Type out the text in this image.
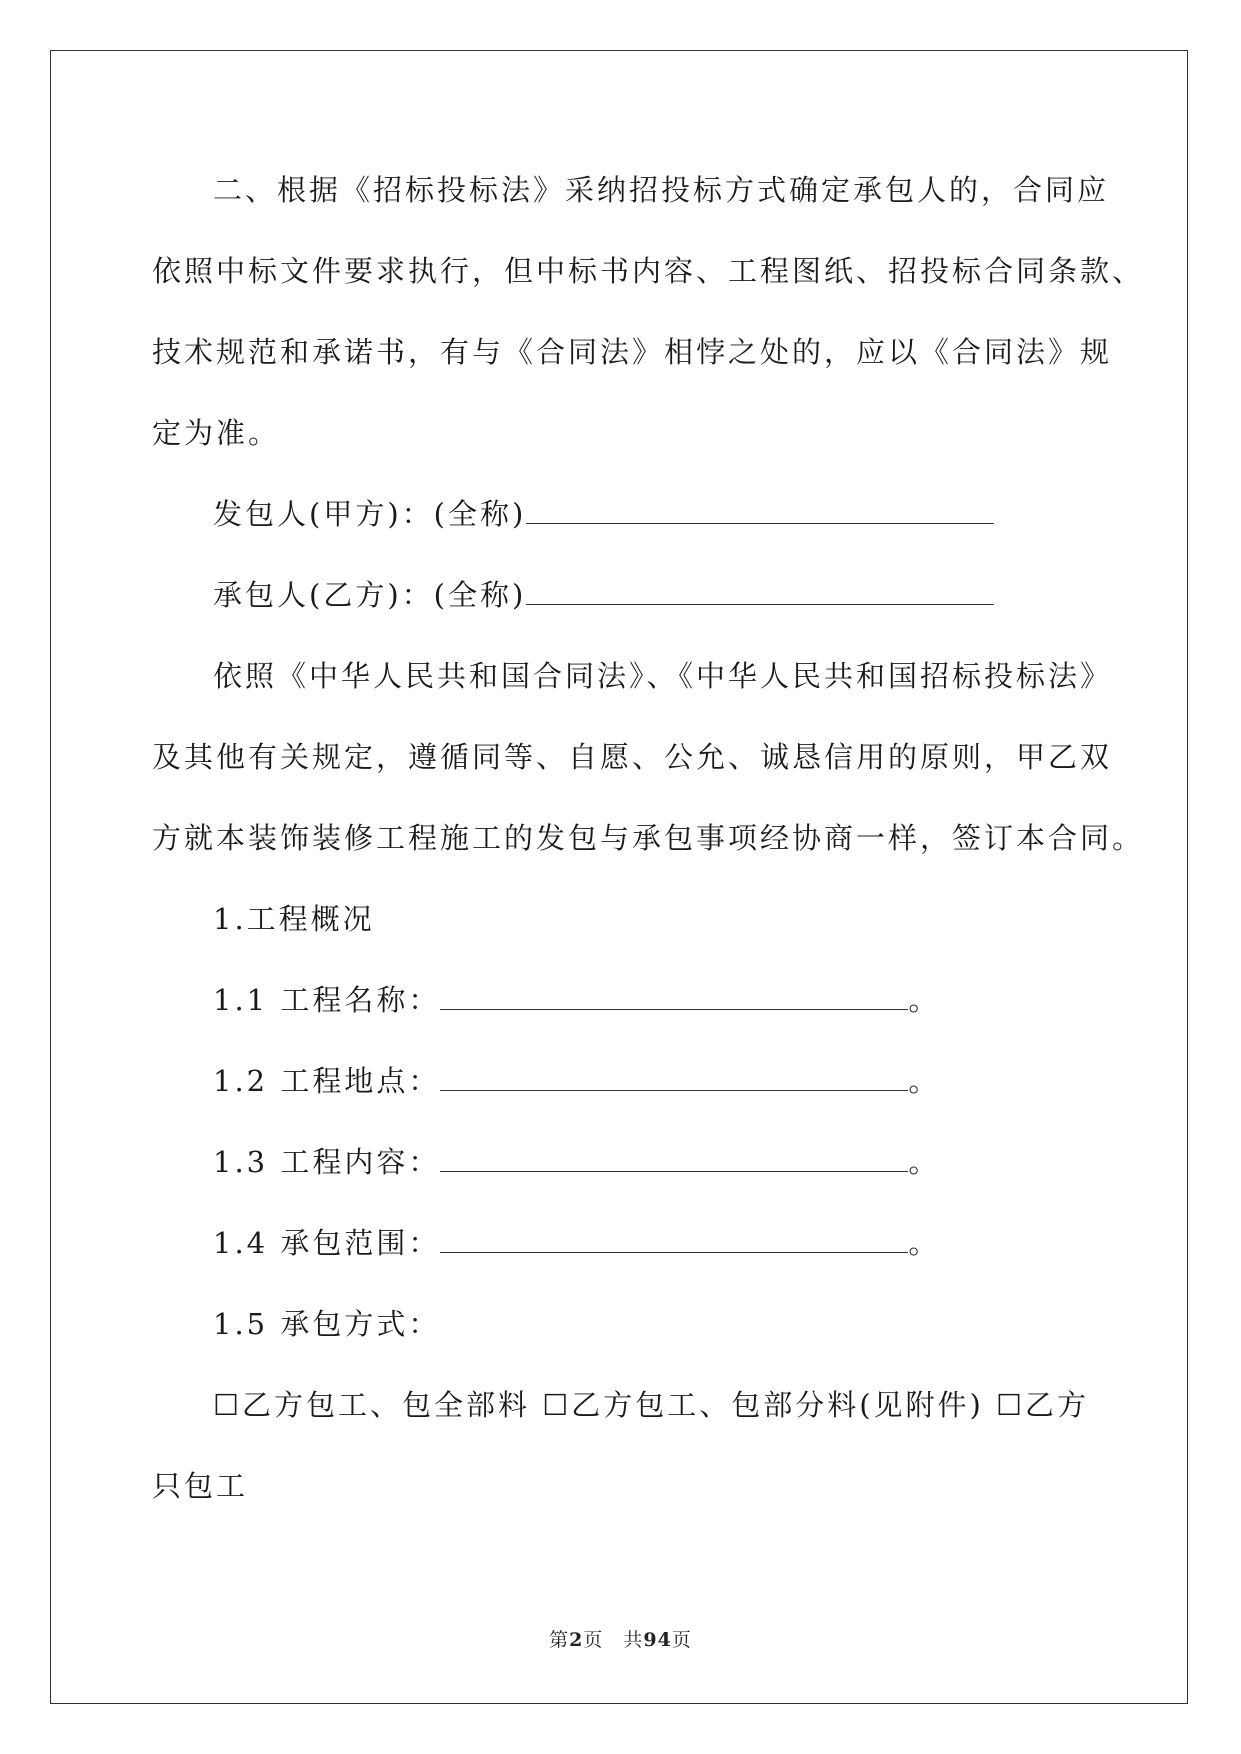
二、根据《招标投标法》采纳招投标方式确定承包人的，合同应
依照中标文件要求执行，但中标书内容、工程图纸、招投标合同条款、
技术规范和承诺书，有与《合同法》相悖之处的，应以《合同法》规
定为准。
发包人(甲方)：(全称)
承包人(乙方)：(全称)
依照《中华人民共和国合同法》、《中华人民共和国招标投标法》
及其他有关规定，遵循同等、自愿、公允、诚恳信用的原则，甲乙双
方就本装饰装修工程施工的发包与承包事项经协商一样，签订本合同。
1.工程概况
1.1 工程名称：	。
1.2 工程地点：	。
1.3 工程内容：	。
1.4 承包范围：	。
1.5 承包方式：
☐乙方包工、包全部料 ☐乙方包工、包部分料(见附件) ☐乙方
只包工
第2页　共94页
